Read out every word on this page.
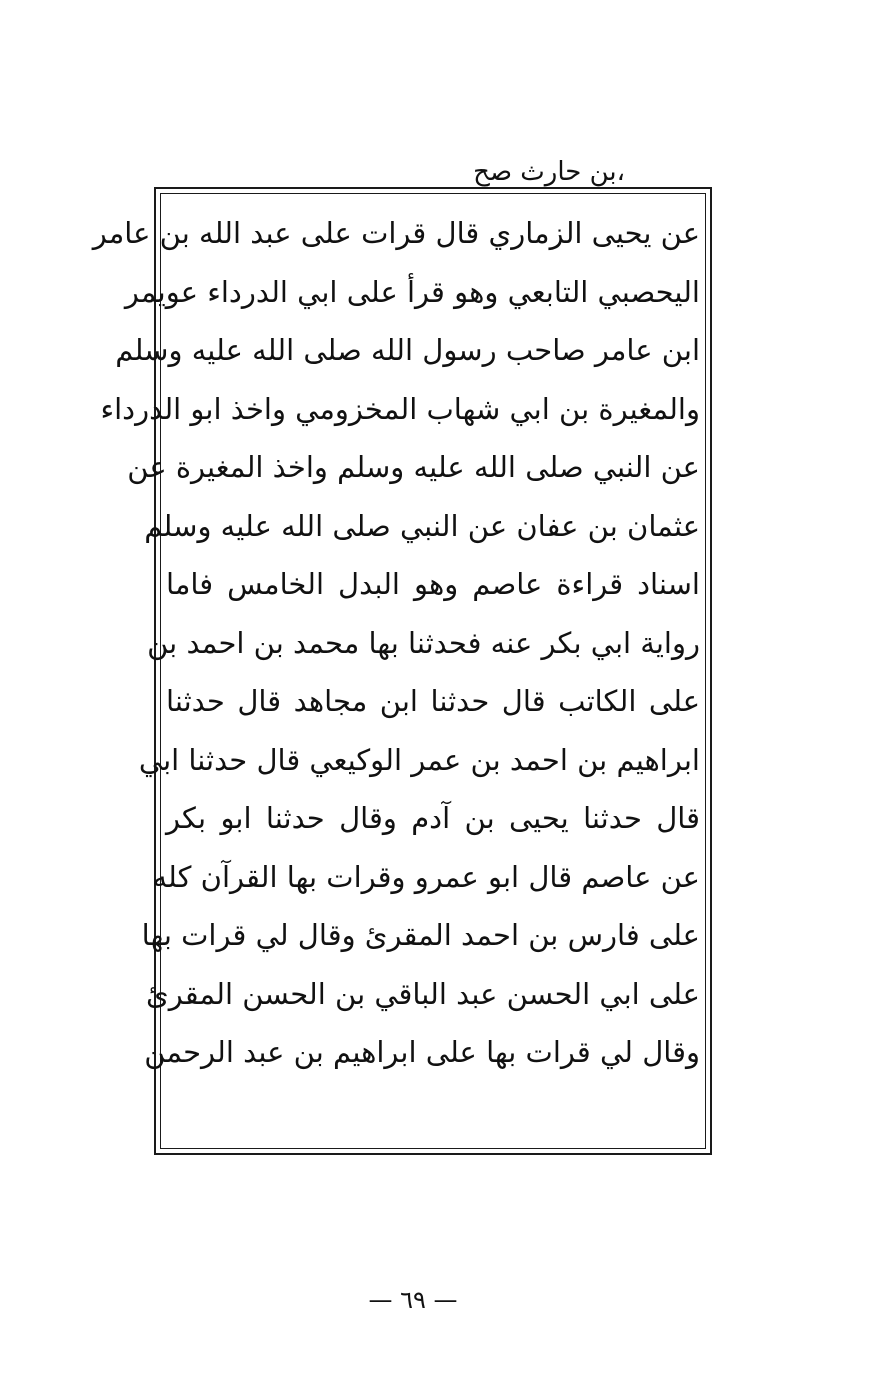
،بن حارث صح
عن يحيى الزماري قال قرات على عبد الله بن عامر
اليحصبي التابعي وهو قرأ على ابي الدرداء عويمر
ابن عامر صاحب رسول الله صلى الله عليه وسلم
والمغيرة بن ابي شهاب المخزومي واخذ ابو الدرداء
عن النبي صلى الله عليه وسلم واخذ المغيرة عن
عثمان بن عفان عن النبي صلى الله عليه وسلم
اسناد قراءة عاصم وهو البدل الخامس فاما
رواية ابي بكر عنه فحدثنا بها محمد بن احمد بن
على الكاتب قال حدثنا ابن مجاهد قال حدثنا
ابراهيم بن احمد بن عمر الوكيعي قال حدثنا ابي
قال حدثنا يحيى بن آدم وقال حدثنا ابو بكر
عن عاصم قال ابو عمرو وقرات بها القرآن كله
على فارس بن احمد المقرئ وقال لي قرات بها
على ابي الحسن عبد الباقي بن الحسن المقرئ
وقال لي قرات بها على ابراهيم بن عبد الرحمن
— ٦٩ —
